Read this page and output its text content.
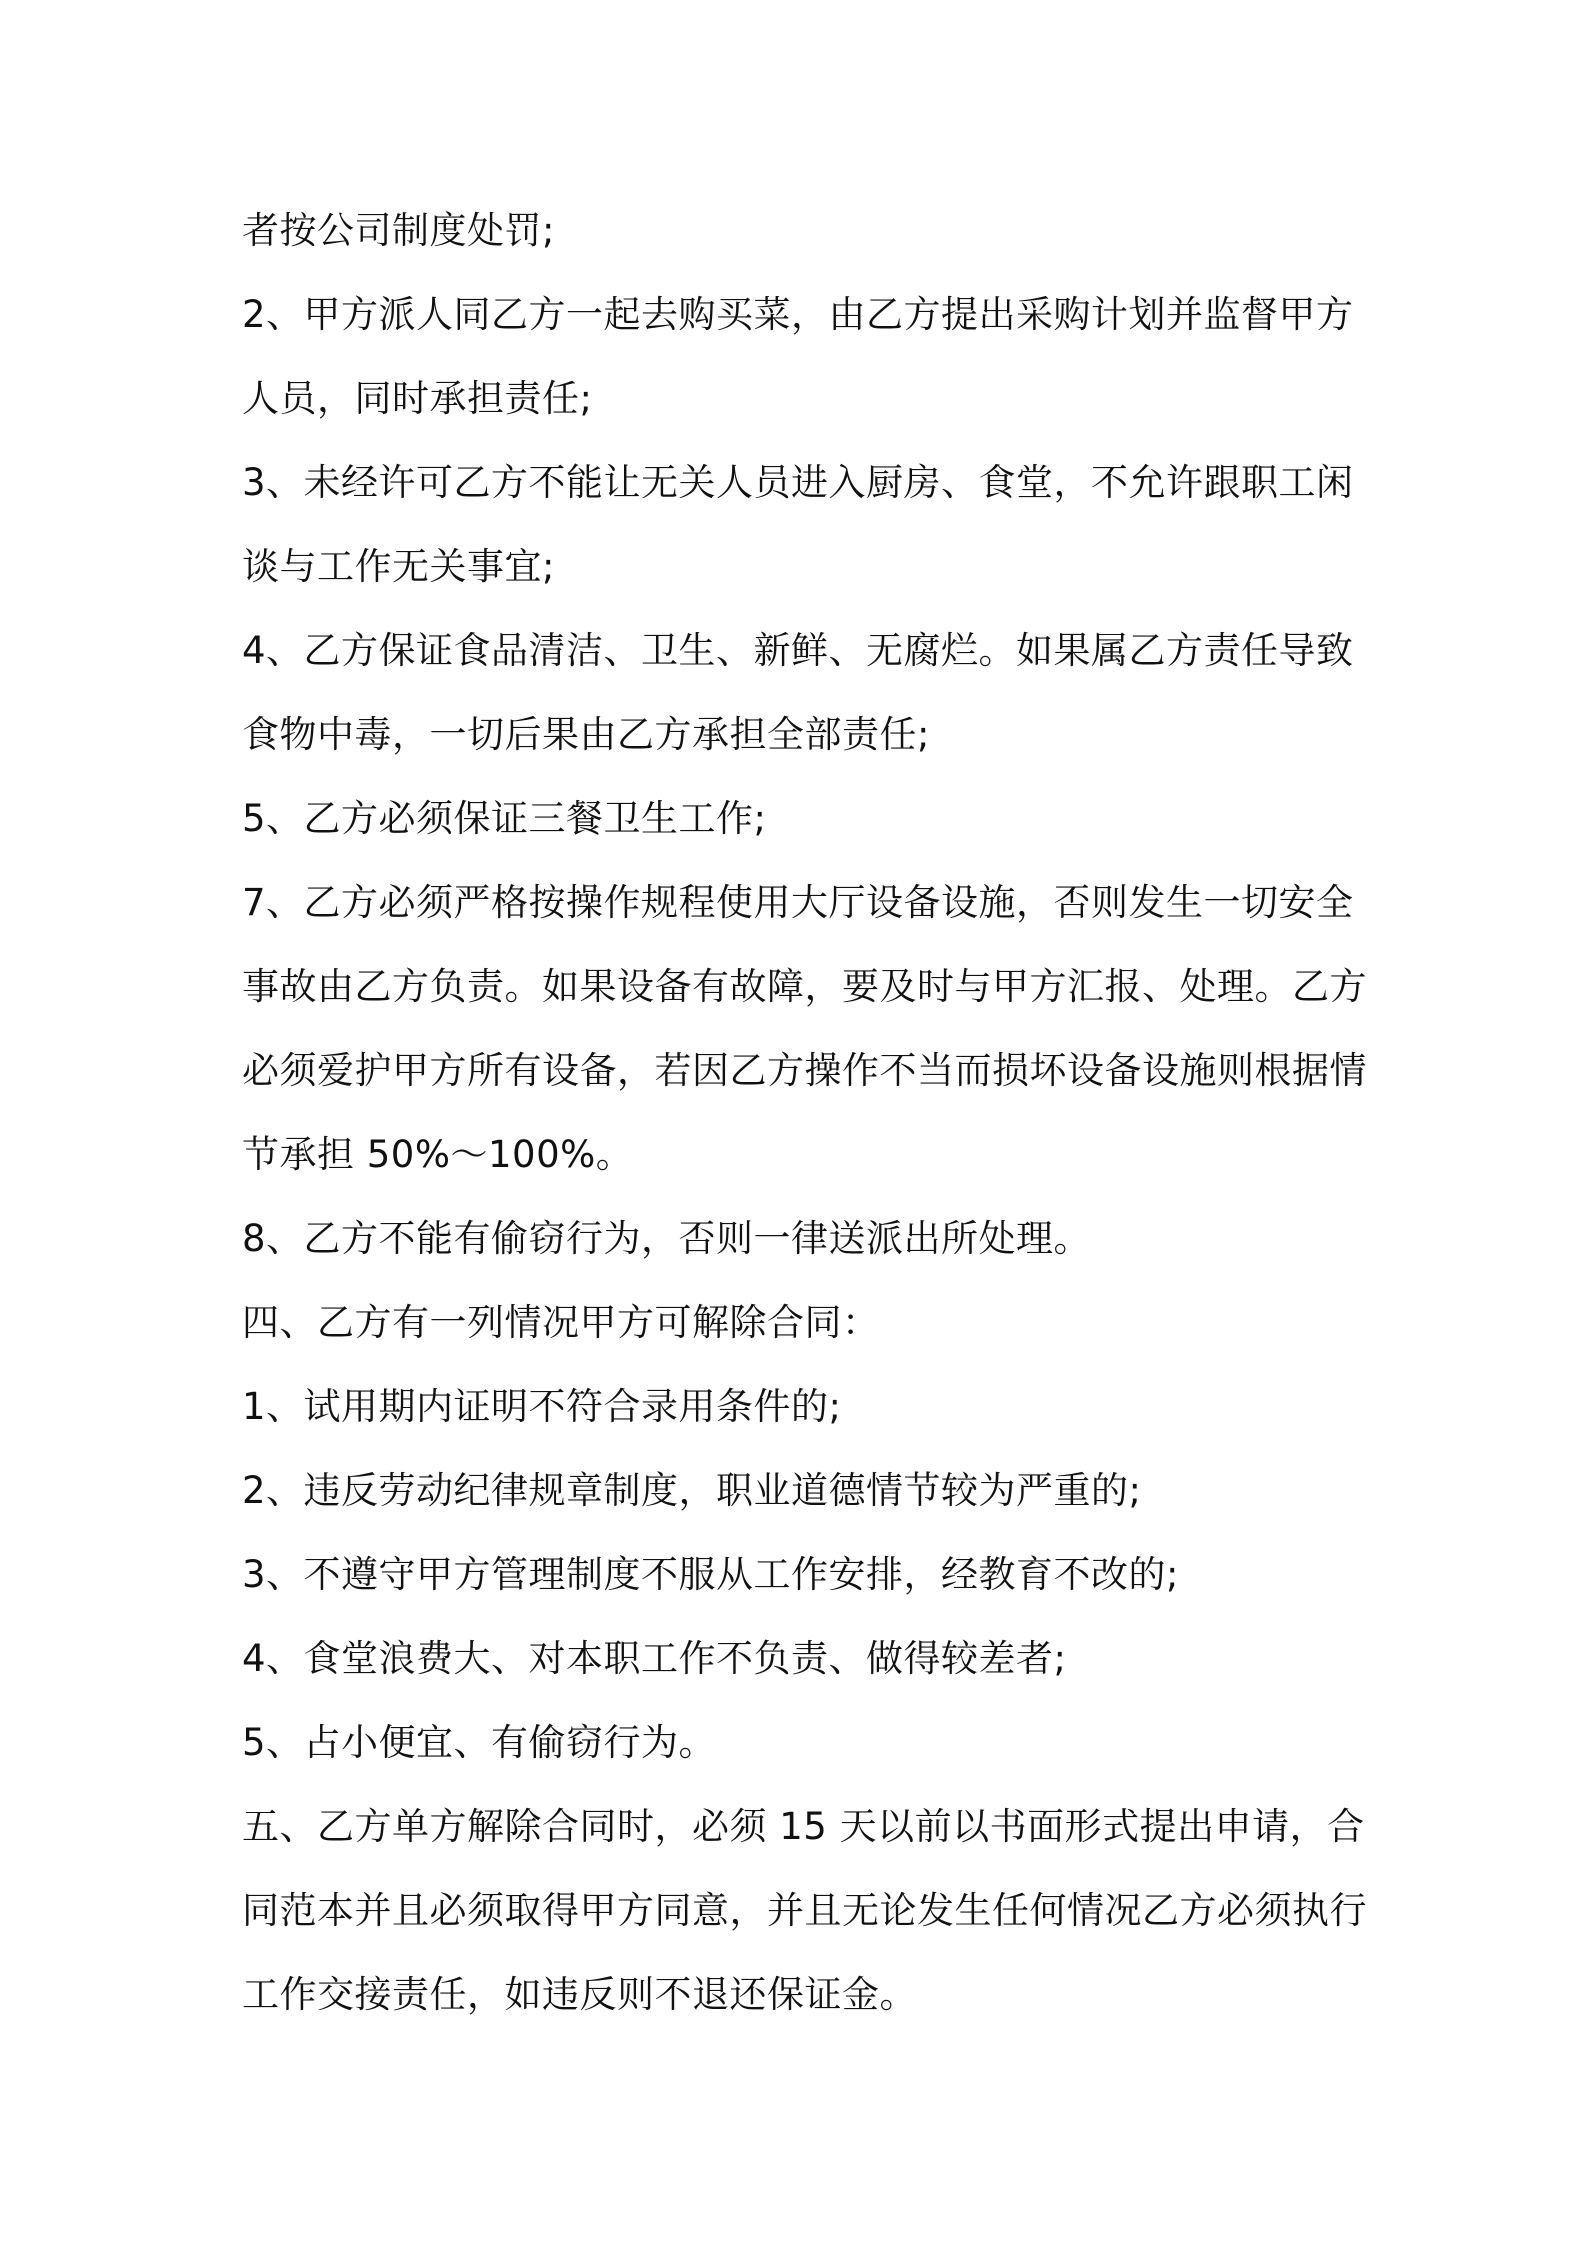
者按公司制度处罚;
2、甲方派人同乙方一起去购买菜，由乙方提出采购计划并监督甲方
人员，同时承担责任;
3、未经许可乙方不能让无关人员进入厨房、食堂，不允许跟职工闲
谈与工作无关事宜;
4、乙方保证食品清洁、卫生、新鲜、无腐烂。如果属乙方责任导致
食物中毒，一切后果由乙方承担全部责任;
5、乙方必须保证三餐卫生工作;
7、乙方必须严格按操作规程使用大厅设备设施，否则发生一切安全
事故由乙方负责。如果设备有故障，要及时与甲方汇报、处理。乙方
必须爱护甲方所有设备，若因乙方操作不当而损坏设备设施则根据情
节承担 50%～100%。
8、乙方不能有偷窃行为，否则一律送派出所处理。
四、乙方有一列情况甲方可解除合同：
1、试用期内证明不符合录用条件的;
2、违反劳动纪律规章制度，职业道德情节较为严重的;
3、不遵守甲方管理制度不服从工作安排，经教育不改的;
4、食堂浪费大、对本职工作不负责、做得较差者;
5、占小便宜、有偷窃行为。
五、乙方单方解除合同时，必须 15 天以前以书面形式提出申请，合
同范本并且必须取得甲方同意，并且无论发生任何情况乙方必须执行
工作交接责任，如违反则不退还保证金。
